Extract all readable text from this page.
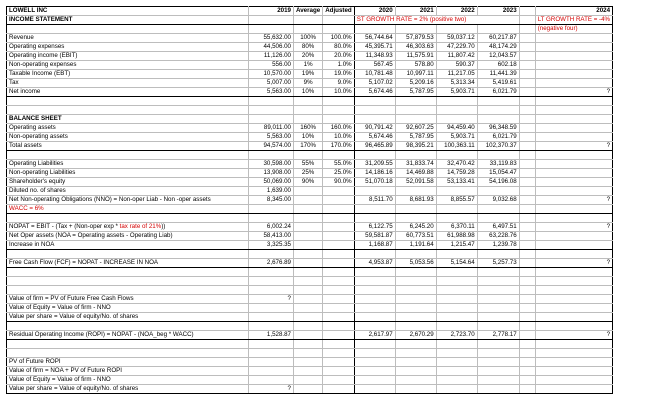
LOWELL INC	2019	Average	Adjusted	2020	2021	2022	2023		2024
INCOME STATEMENT				ST GROWTH RATE = 2% (positive two)					LT GROWTH RATE = -4%
									(negative four)
Revenue	55,632.00	100%	100.0%	56,744.64	57,879.53	59,037.12	60,217.87		
Operating expenses	44,506.00	80%	80.0%	45,395.71	46,303.63	47,229.70	48,174.29		
Operating income (EBIT)	11,126.00	20%	20.0%	11,348.93	11,575.91	11,807.42	12,043.57		
Non-operating expenses	556.00	1%	1.0%	567.45	578.80	590.37	602.18		
Taxable Income (EBT)	10,570.00	19%	19.0%	10,781.48	10,997.11	11,217.05	11,441.39		
Tax	5,007.00	9%	9.0%	5,107.02	5,209.16	5,313.34	5,419.61		
Net income	5,563.00	10%	10.0%	5,674.46	5,787.95	5,903.71	6,021.79		?

BALANCE SHEET									
Operating assets	89,011.00	160%	160.0%	90,791.42	92,607.25	94,459.40	96,348.59		
Non-operating assets	5,563.00	10%	10.0%	5,674.46	5,787.95	5,903.71	6,021.79		
Total assets	94,574.00	170%	170.0%	96,465.89	98,395.21	100,363.11	102,370.37		?

Operating Liabilities	30,598.00	55%	55.0%	31,209.55	31,833.74	32,470.42	33,119.83		
Non-operating Liabilities	13,908.00	25%	25.0%	14,186.16	14,469.88	14,759.28	15,054.47		
Shareholder's equity	50,069.00	90%	90.0%	51,070.18	52,091.58	53,133.41	54,196.08		
Diluted no. of shares	1,639.00								
Net Non-operating Obligations (NNO) = Non-oper Liab - Non -oper assets	8,345.00			8,511.70	8,681.93	8,855.57	9,032.68		?
WACC = 6%									

NOPAT = EBIT - (Tax + (Non-oper exp * tax rate of 21%))	6,002.24			6,122.75	6,245.20	6,370.11	6,497.51		?
Net Oper assets (NOA = Operating assets - Operating Liab)	58,413.00			59,581.87	60,773.51	61,988.98	63,228.76		
Increase in NOA	3,325.35			1,168.87	1,191.64	1,215.47	1,239.78		

Free Cash Flow (FCF) = NOPAT - INCREASE IN NOA	2,676.89			4,953.87	5,053.56	5,154.64	5,257.73		?

Value of firm = PV of Future Free Cash Flows	?								
Value of Equity = Value of firm - NNO									
Value per share = Value of equity/No. of shares									

Residual Operating Income (ROPI) = NOPAT - (NOA_beg * WACC)	1,528.87			2,617.97	2,670.29	2,723.70	2,778.17		?

PV of Future ROPI									
Value of firm = NOA + PV of Future ROPI									
Value of Equity = Value of firm - NNO									
Value per share = Value of equity/No. of shares	?								
